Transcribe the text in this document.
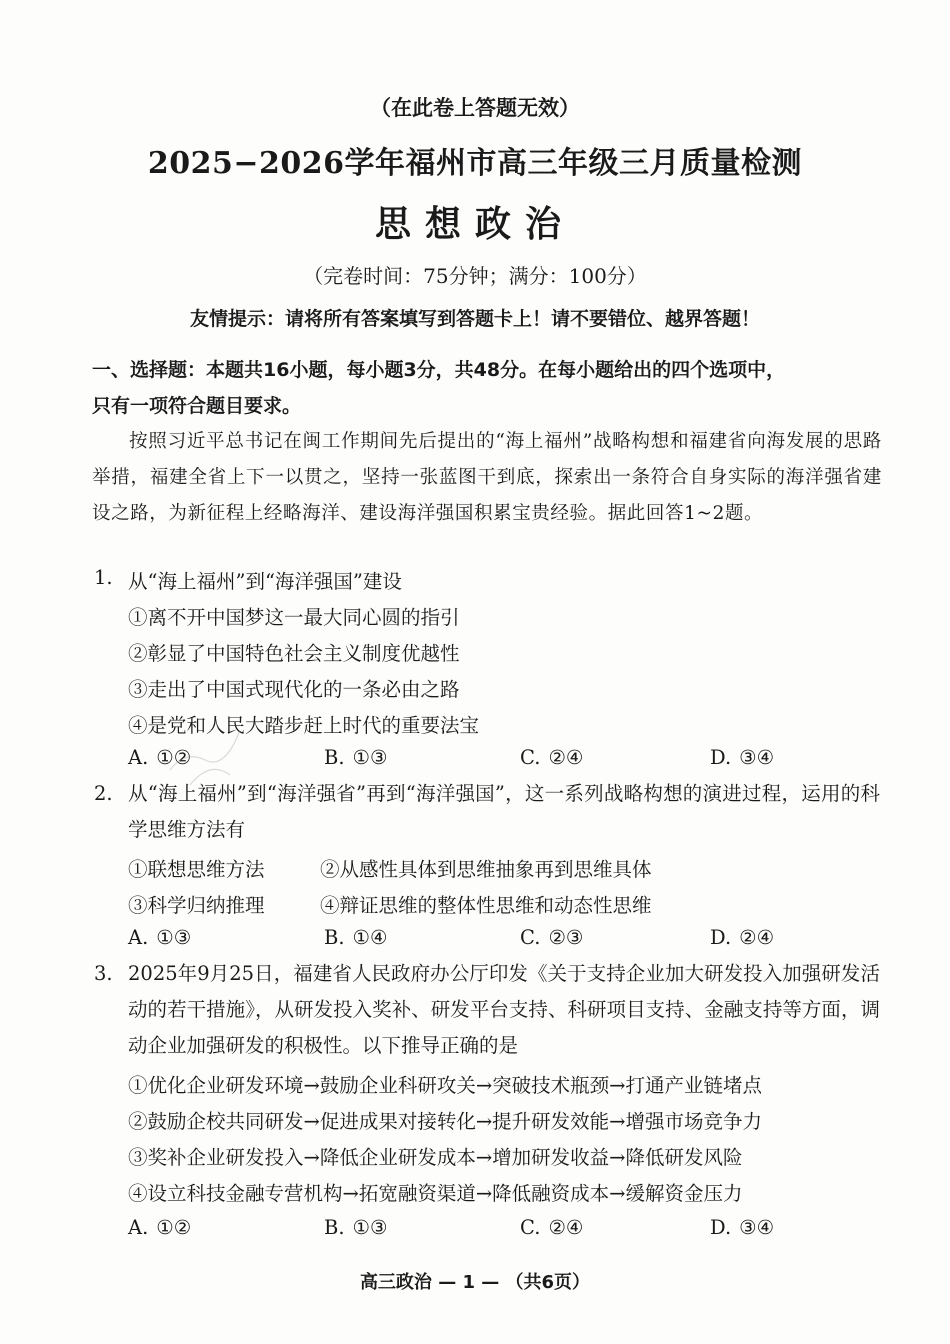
（在此卷上答题无效）
2025−2026学年福州市高三年级三月质量检测
思想政治
（完卷时间：75分钟；满分：100分）
友情提示：请将所有答案填写到答题卡上！请不要错位、越界答题！
一、选择题：本题共16小题，每小题3分，共48分。在每小题给出的四个选项中，
只有一项符合题目要求。
按照习近平总书记在闽工作期间先后提出的“海上福州”战略构想和福建省向海发展的思路举措，福建全省上下一以贯之，坚持一张蓝图干到底，探索出一条符合自身实际的海洋强省建设之路，为新征程上经略海洋、建设海洋强国积累宝贵经验。据此回答1~2题。
1. 从“海上福州”到“海洋强国”建设
①离不开中国梦这一最大同心圆的指引
②彰显了中国特色社会主义制度优越性
③走出了中国式现代化的一条必由之路
④是党和人民大踏步赶上时代的重要法宝
A. ①②	B. ①③	C. ②④	D. ③④
2. 从“海上福州”到“海洋强省”再到“海洋强国”，这一系列战略构想的演进过程，运用的科学思维方法有
①联想思维方法	②从感性具体到思维抽象再到思维具体
③科学归纳推理	④辩证思维的整体性思维和动态性思维
A. ①③	B. ①④	C. ②③	D. ②④
3. 2025年9月25日，福建省人民政府办公厅印发《关于支持企业加大研发投入加强研发活动的若干措施》，从研发投入奖补、研发平台支持、科研项目支持、金融支持等方面，调动企业加强研发的积极性。以下推导正确的是
①优化企业研发环境→鼓励企业科研攻关→突破技术瓶颈→打通产业链堵点
②鼓励企校共同研发→促进成果对接转化→提升研发效能→增强市场竞争力
③奖补企业研发投入→降低企业研发成本→增加研发收益→降低研发风险
④设立科技金融专营机构→拓宽融资渠道→降低融资成本→缓解资金压力
A. ①②	B. ①③	C. ②④	D. ③④
高三政治 — 1 — （共6页）
